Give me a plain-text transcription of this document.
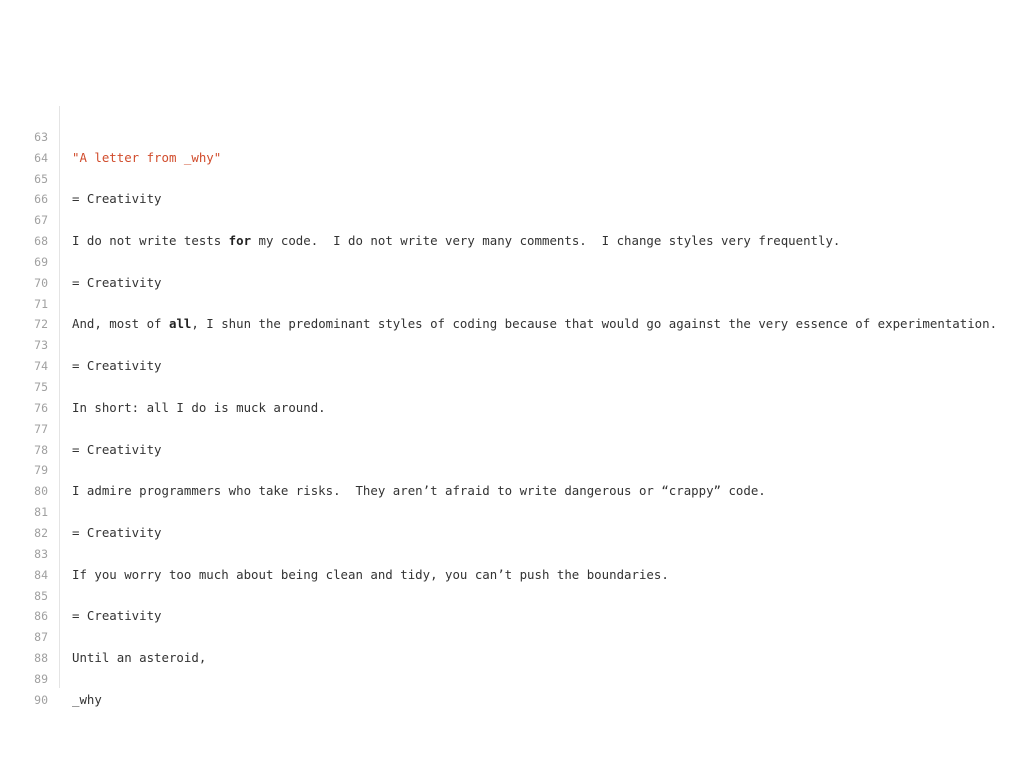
63

"A letter from _why"

64

65

= Creativity

66

67

I do not write tests for my code.  I do not write very many comments.  I change styles very frequently.

68

69

= Creativity

70

71

And, most of all, I shun the predominant styles of coding because that would go against the very essence of experimentation.

72

73

= Creativity

74

75

In short: all I do is muck around.

76

77

= Creativity

78

79

I admire programmers who take risks.  They aren’t afraid to write dangerous or “crappy” code.

80

81

= Creativity

82

83

If you worry too much about being clean and tidy, you can’t push the boundaries.

84

85

= Creativity

86

87

Until an asteroid,

88

89

_why

90
